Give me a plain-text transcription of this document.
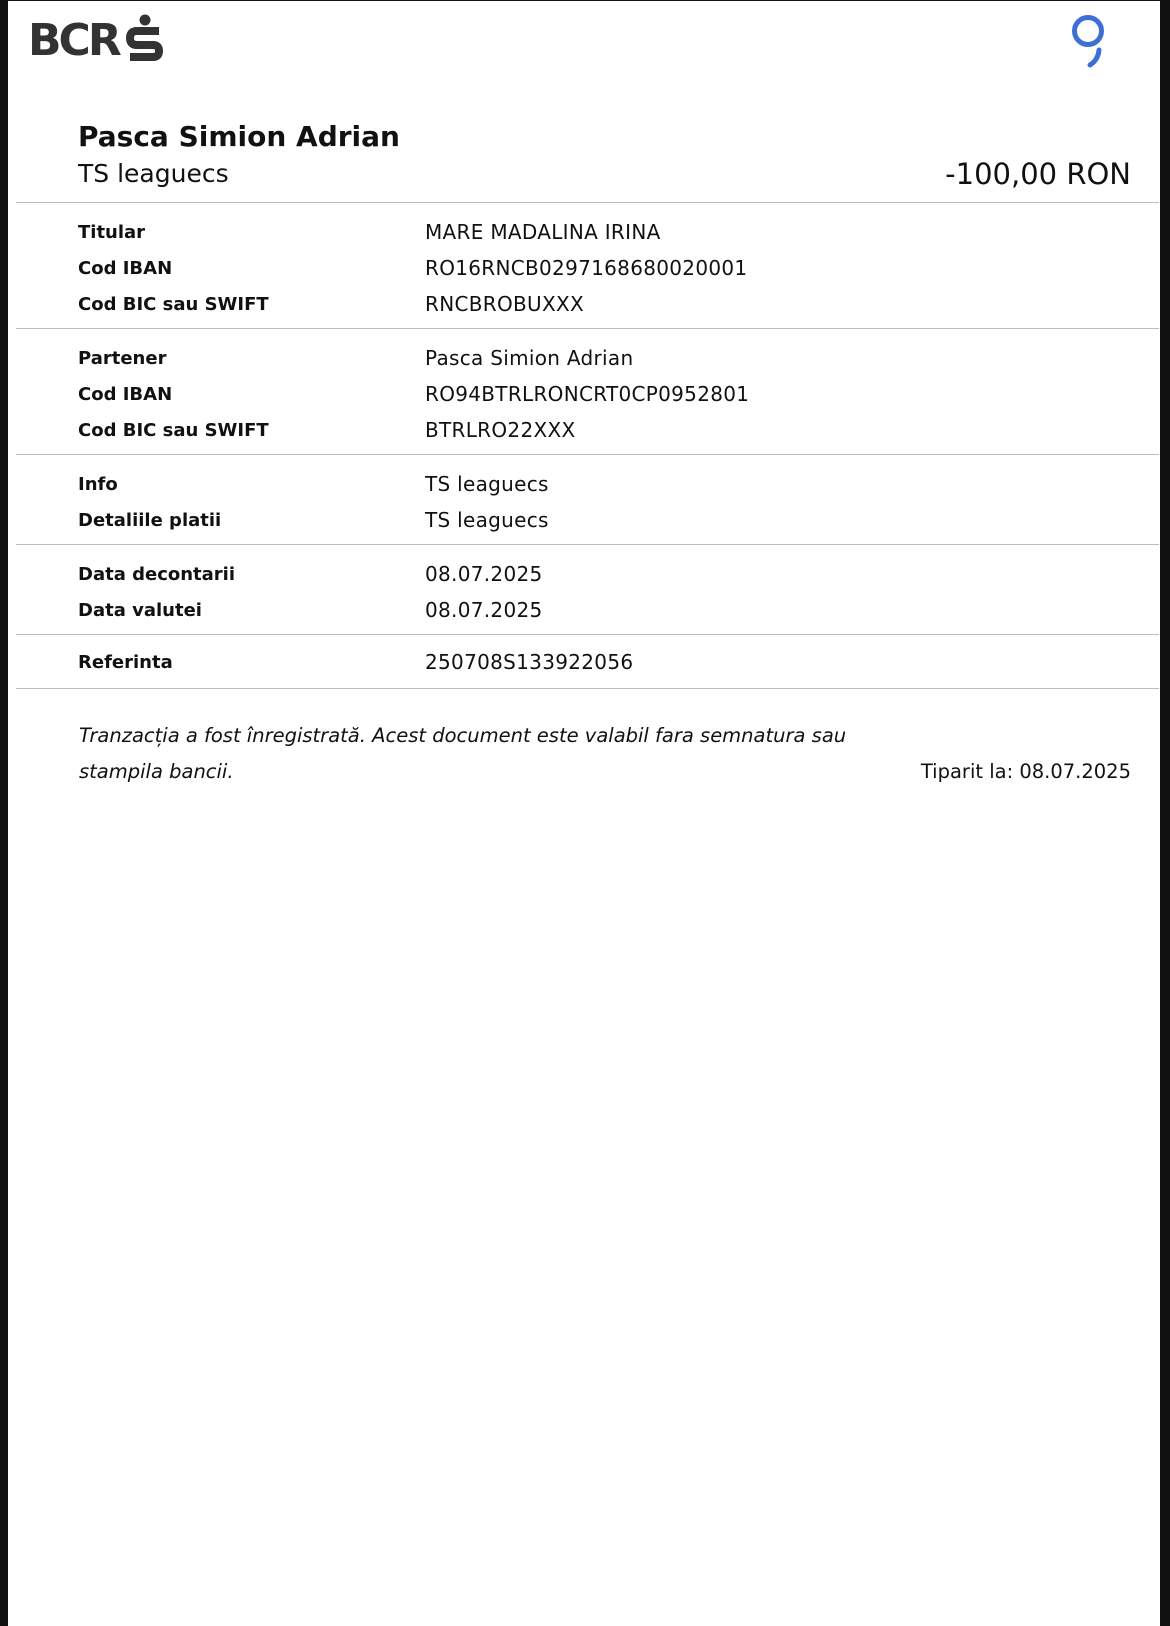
BCR
Pasca Simion Adrian
TS leaguecs	-100,00 RON
Titular	MARE MADALINA IRINA
Cod IBAN	RO16RNCB0297168680020001
Cod BIC sau SWIFT	RNCBROBUXXX
Partener	Pasca Simion Adrian
Cod IBAN	RO94BTRLRONCRT0CP0952801
Cod BIC sau SWIFT	BTRLRO22XXX
Info	TS leaguecs
Detaliile platii	TS leaguecs
Data decontarii	08.07.2025
Data valutei	08.07.2025
Referinta	250708S133922056
Tranzacția a fost înregistrată. Acest document este valabil fara semnatura sau stampila bancii.	Tiparit la: 08.07.2025
